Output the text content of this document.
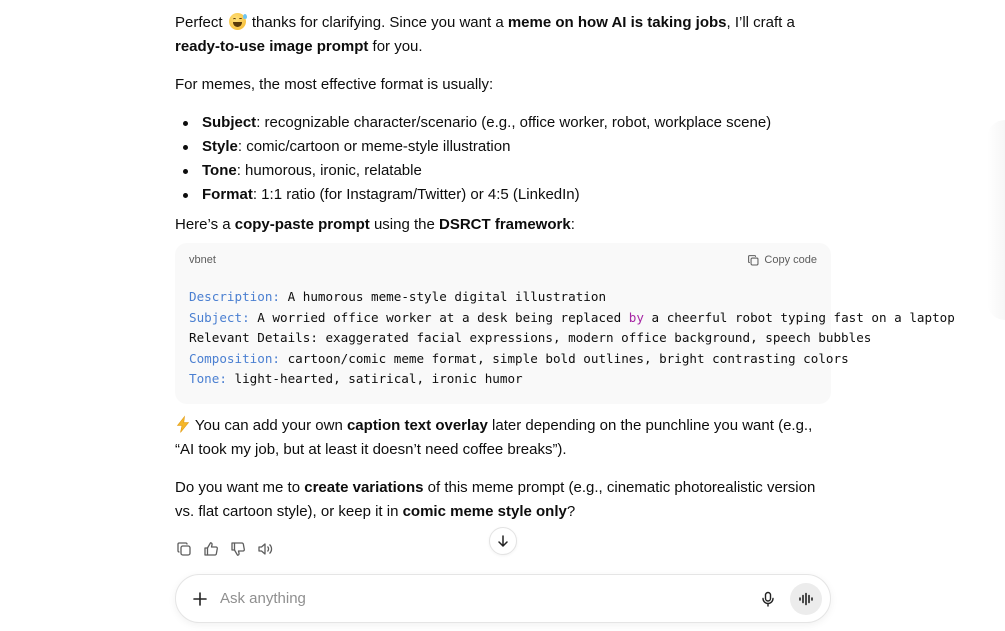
Perfect
thanks for clarifying. Since you want a meme on how AI is taking jobs, I’ll craft a ready-to-use image prompt for you.

For memes, the most effective format is usually:

Subject: recognizable character/scenario (e.g., office worker, robot, workplace scene)
Style: comic/cartoon or meme-style illustration
Tone: humorous, ironic, relatable
Format: 1:1 ratio (for Instagram/Twitter) or 4:5 (LinkedIn)

Here’s a copy-paste prompt using the DSRCT framework:

vbnet	Copy code
Description: A humorous meme-style digital illustration
Subject: A worried office worker at a desk being replaced by a cheerful robot typing fast on a laptop
Relevant Details: exaggerated facial expressions, modern office background, speech bubbles
Composition: cartoon/comic meme format, simple bold outlines, bright contrasting colors
Tone: light-hearted, satirical, ironic humor

You can add your own caption text overlay later depending on the punchline you want (e.g., “AI took my job, but at least it doesn’t need coffee breaks”).

Do you want me to create variations of this meme prompt (e.g., cinematic photorealistic version vs. flat cartoon style), or keep it in comic meme style only?

Ask anything
